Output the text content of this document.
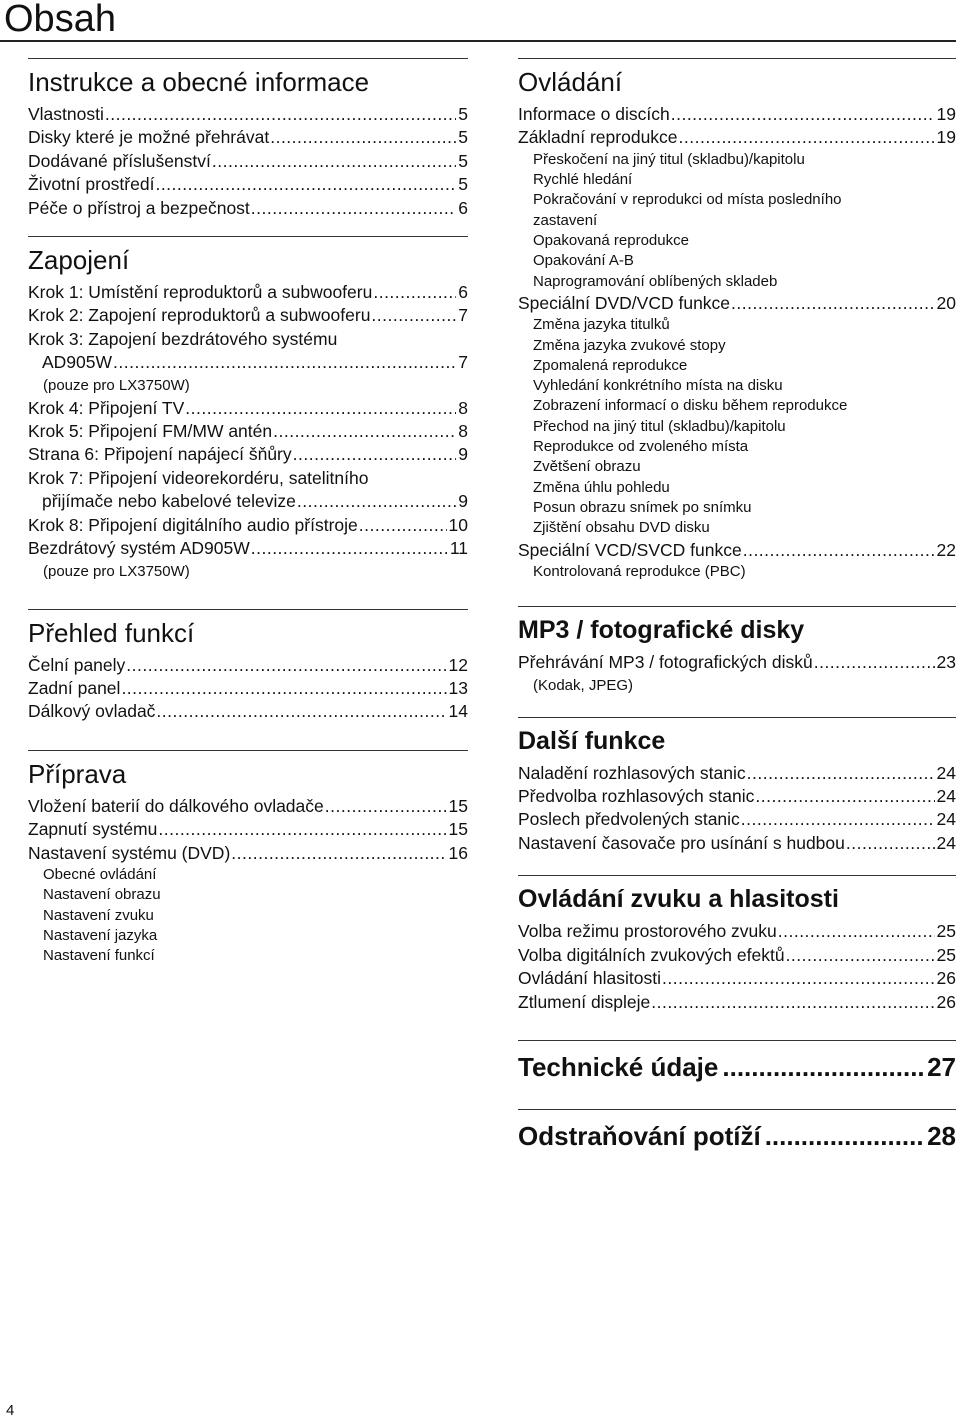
Obsah
Instrukce a obecné informace
Vlastnosti .....	5
Disky které je možné přehrávat .....	5
Dodávané příslušenství .....	5
Životní prostředí .....	5
Péče o přístroj a bezpečnost .....	6
Zapojení
Krok 1: Umístění reproduktorů a subwooferu .....	6
Krok 2: Zapojení reproduktorů a subwooferu .....	7
Krok 3: Zapojení bezdrátového systému
AD905W .....	7
(pouze pro LX3750W)
Krok 4: Připojení TV .....	8
Krok 5: Připojení FM/MW antén .....	8
Strana 6: Připojení napájecí šňůry .....	9
Krok 7: Připojení videorekordéru, satelitního
přijímače nebo kabelové televize .....	9
Krok 8: Připojení digitálního audio přístroje .....	10
Bezdrátový systém AD905W .....	11
(pouze pro LX3750W)
Přehled funkcí
Čelní panely .....	12
Zadní panel .....	13
Dálkový ovladač .....	14
Příprava
Vložení baterií do dálkového ovladače .....	15
Zapnutí systému .....	15
Nastavení systému (DVD) .....	16
Obecné ovládání
Nastavení obrazu
Nastavení zvuku
Nastavení jazyka
Nastavení funkcí
Ovládání
Informace o discích .....	19
Základní reprodukce .....	19
Přeskočení na jiný titul (skladbu)/kapitolu
Rychlé hledání
Pokračování v reprodukci od místa posledního
zastavení
Opakovaná reprodukce
Opakování A-B
Naprogramování oblíbených skladeb
Speciální DVD/VCD funkce .....	20
Změna jazyka titulků
Změna jazyka zvukové stopy
Zpomalená reprodukce
Vyhledání konkrétního místa na disku
Zobrazení informací o disku během reprodukce
Přechod na jiný titul (skladbu)/kapitolu
Reprodukce od zvoleného místa
Zvětšení obrazu
Změna úhlu pohledu
Posun obrazu snímek po snímku
Zjištění obsahu DVD disku
Speciální VCD/SVCD funkce .....	22
Kontrolovaná reprodukce (PBC)
MP3 / fotografické disky
Přehrávání MP3 / fotografických disků .....	23
(Kodak, JPEG)
Další funkce
Naladění rozhlasových stanic .....	24
Předvolba rozhlasových stanic .....	24
Poslech předvolených stanic .....	24
Nastavení časovače pro usínání s hudbou .....	24
Ovládání zvuku a hlasitosti
Volba režimu prostorového zvuku .....	25
Volba digitálních zvukových efektů .....	25
Ovládání hlasitosti .....	26
Ztlumení displeje .....	26
Technické údaje .....	27
Odstraňování potíží .....	28
4
